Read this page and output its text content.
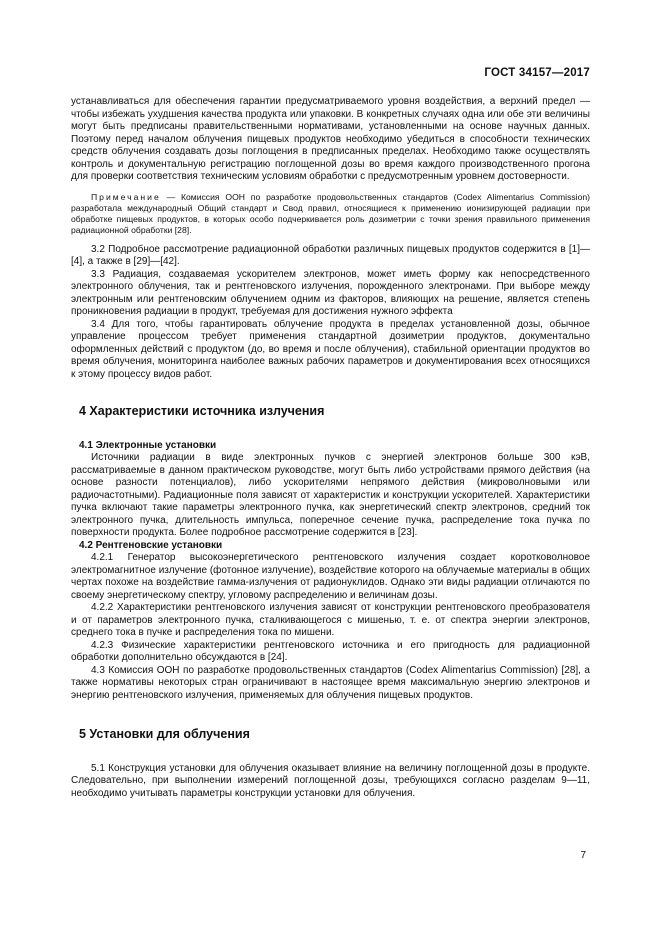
ГОСТ 34157—2017

устанавливаться для обеспечения гарантии предусматриваемого уровня воздействия, а верхний предел — чтобы избежать ухудшения качества продукта или упаковки. В конкретных случаях одна или обе эти величины могут быть предписаны правительственными нормативами, установленными на основе научных данных. Поэтому перед началом облучения пищевых продуктов необходимо убедиться в способности технических средств облучения создавать дозы поглощения в предписанных пределах. Необходимо также осуществлять контроль и документальную регистрацию поглощенной дозы во время каждого производственного прогона для проверки соответствия техническим условиям обработки с предусмотренным уровнем достоверности.

Примечание — Комиссия ООН по разработке продовольственных стандартов (Codex Alimentarius Commission) разработала международный Общий стандарт и Свод правил, относящиеся к применению ионизирующей радиации при обработке пищевых продуктов, в которых особо подчеркивается роль дозиметрии с точки зрения правильного применения радиационной обработки [28].

3.2 Подробное рассмотрение радиационной обработки различных пищевых продуктов содержится в [1]—[4], а также в [29]—[42].

3.3 Радиация, создаваемая ускорителем электронов, может иметь форму как непосредственного электронного облучения, так и рентгеновского излучения, порожденного электронами. При выборе между электронным или рентгеновским облучением одним из факторов, влияющих на решение, является степень проникновения радиации в продукт, требуемая для достижения нужного эффекта

3.4 Для того, чтобы гарантировать облучение продукта в пределах установленной дозы, обычное управление процессом требует применения стандартной дозиметрии продуктов, документально оформленных действий с продуктом (до, во время и после облучения), стабильной ориентации продуктов во время облучения, мониторинга наиболее важных рабочих параметров и документирования всех относящихся к этому процессу видов работ.

4 Характеристики источника излучения
4.1 Электронные установки

Источники радиации в виде электронных пучков с энергией электронов больше 300 кэВ, рассматриваемые в данном практическом руководстве, могут быть либо устройствами прямого действия (на основе разности потенциалов), либо ускорителями непрямого действия (микроволновыми или радиочастотными). Радиационные поля зависят от характеристик и конструкции ускорителей. Характеристики пучка включают такие параметры электронного пучка, как энергетический спектр электронов, средний ток электронного пучка, длительность импульса, поперечное сечение пучка, распределение тока пучка по поверхности продукта. Более подробное рассмотрение содержится в [23].

4.2 Рентгеновские установки

4.2.1 Генератор высокоэнергетического рентгеновского излучения создает коротковолновое электромагнитное излучение (фотонное излучение), воздействие которого на облучаемые материалы в общих чертах похоже на воздействие гамма-излучения от радионуклидов. Однако эти виды радиации отличаются по своему энергетическому спектру, угловому распределению и величинам дозы.

4.2.2 Характеристики рентгеновского излучения зависят от конструкции рентгеновского преобразователя и от параметров электронного пучка, сталкивающегося с мишенью, т. е. от спектра энергии электронов, среднего тока в пучке и распределения тока по мишени.

4.2.3 Физические характеристики рентгеновского источника и его пригодность для радиационной обработки дополнительно обсуждаются в [24].

4.3 Комиссия ООН по разработке продовольственных стандартов (Codex Alimentarius Commission) [28], а также нормативы некоторых стран ограничивают в настоящее время максимальную энергию электронов и энергию рентгеновского излучения, применяемых для облучения пищевых продуктов.

5 Установки для облучения

5.1 Конструкция установки для облучения оказывает влияние на величину поглощенной дозы в продукте. Следовательно, при выполнении измерений поглощенной дозы, требующихся согласно разделам 9—11, необходимо учитывать параметры конструкции установки для облучения.

7
